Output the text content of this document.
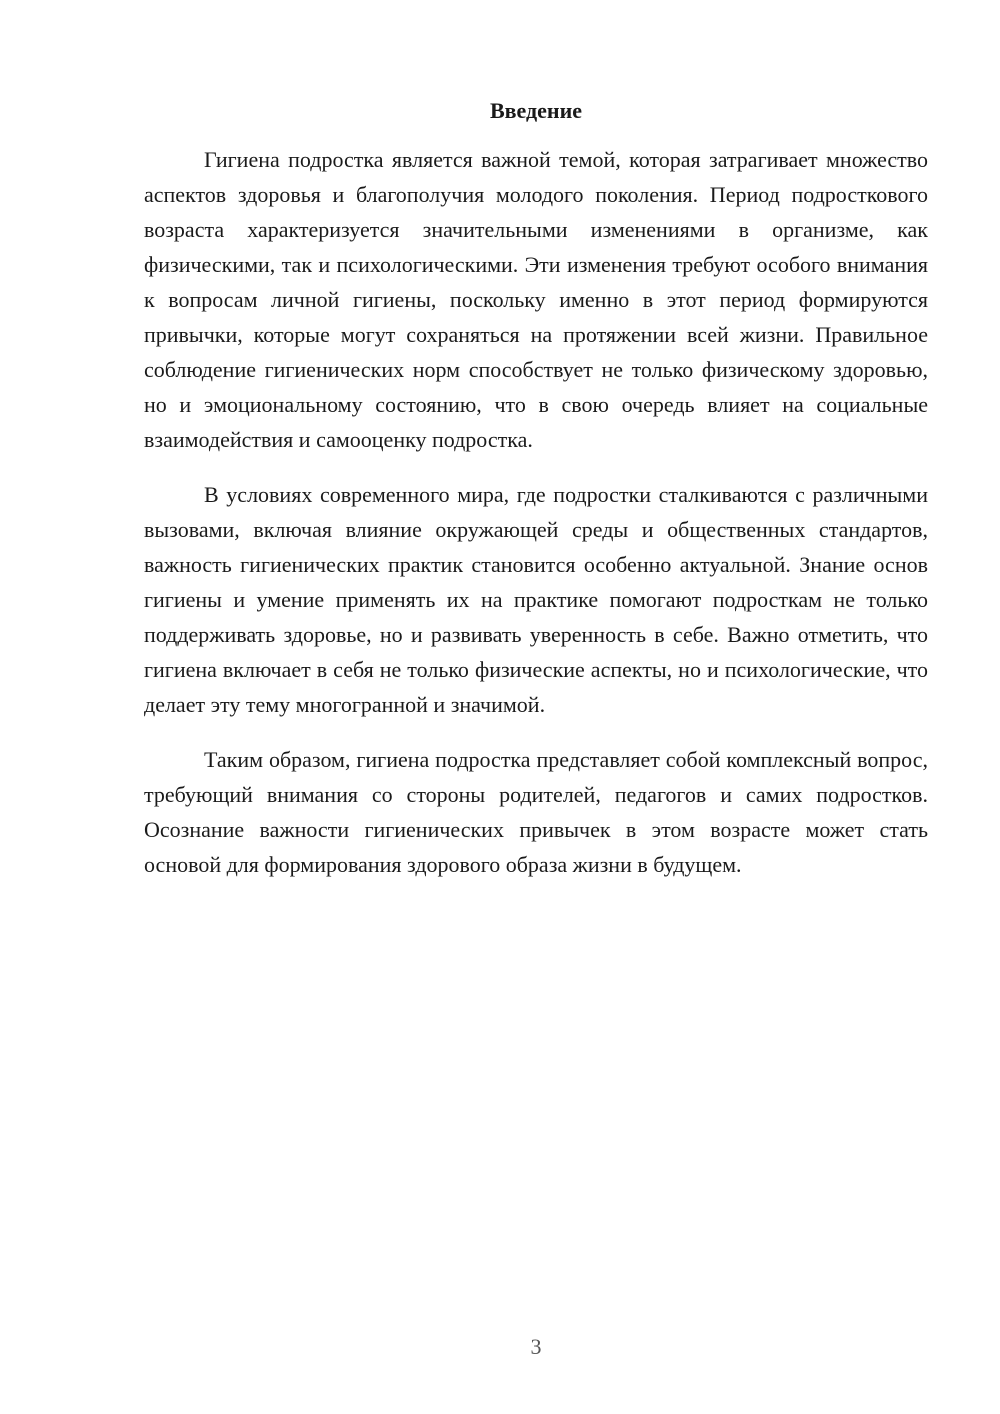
Введение

Гигиена подростка является важной темой, которая затрагивает множество аспектов здоровья и благополучия молодого поколения. Период подросткового возраста характеризуется значительными изменениями в организме, как физическими, так и психологическими. Эти изменения требуют особого внимания к вопросам личной гигиены, поскольку именно в этот период формируются привычки, которые могут сохраняться на протяжении всей жизни. Правильное соблюдение гигиенических норм способствует не только физическому здоровью, но и эмоциональному состоянию, что в свою очередь влияет на социальные взаимодействия и самооценку подростка.

В условиях современного мира, где подростки сталкиваются с различными вызовами, включая влияние окружающей среды и общественных стандартов, важность гигиенических практик становится особенно актуальной. Знание основ гигиены и умение применять их на практике помогают подросткам не только поддерживать здоровье, но и развивать уверенность в себе. Важно отметить, что гигиена включает в себя не только физические аспекты, но и психологические, что делает эту тему многогранной и значимой.

Таким образом, гигиена подростка представляет собой комплексный вопрос, требующий внимания со стороны родителей, педагогов и самих подростков. Осознание важности гигиенических привычек в этом возрасте может стать основой для формирования здорового образа жизни в будущем.

3
